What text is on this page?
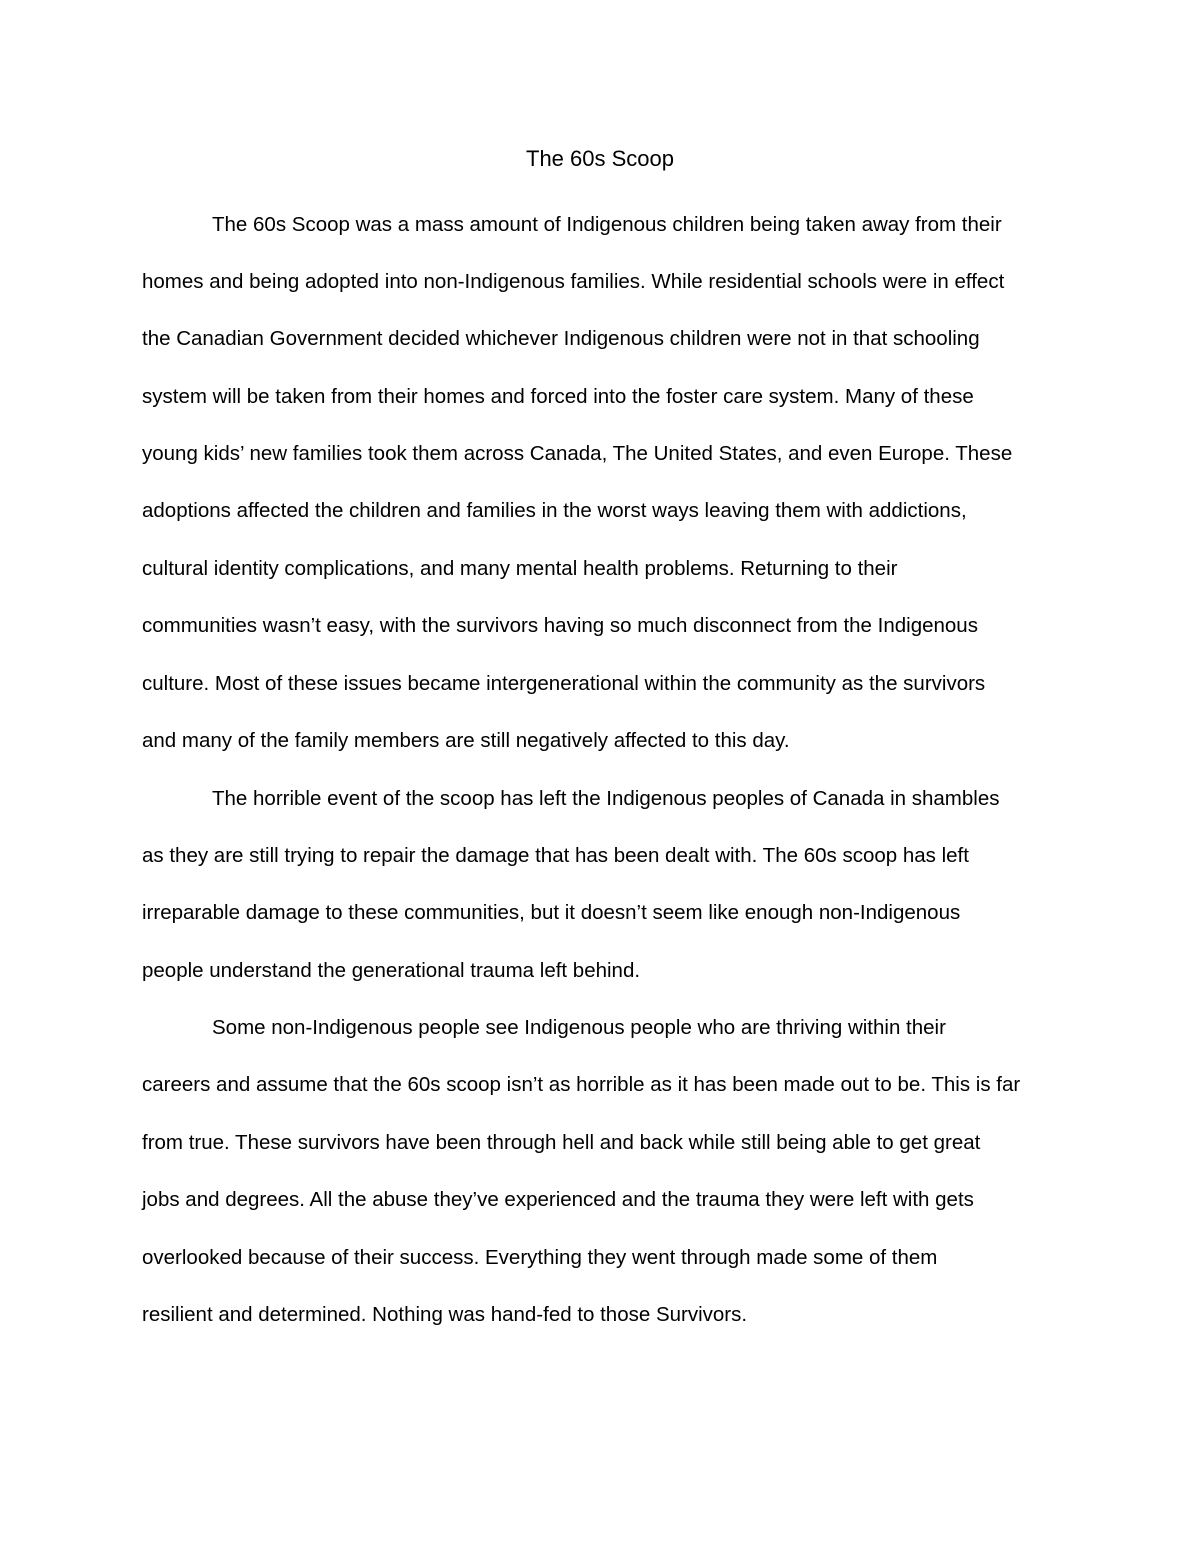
The 60s Scoop

The 60s Scoop was a mass amount of Indigenous children being taken away from their

homes and being adopted into non-Indigenous families. While residential schools were in effect

the Canadian Government decided whichever Indigenous children were not in that schooling

system will be taken from their homes and forced into the foster care system. Many of these

young kids’ new families took them across Canada, The United States, and even Europe. These

adoptions affected the children and families in the worst ways leaving them with addictions,

cultural identity complications, and many mental health problems. Returning to their

communities wasn’t easy, with the survivors having so much disconnect from the Indigenous

culture. Most of these issues became intergenerational within the community as the survivors

and many of the family members are still negatively affected to this day.

The horrible event of the scoop has left the Indigenous peoples of Canada in shambles

as they are still trying to repair the damage that has been dealt with. The 60s scoop has left

irreparable damage to these communities, but it doesn’t seem like enough non-Indigenous

people understand the generational trauma left behind.

Some non-Indigenous people see Indigenous people who are thriving within their

careers and assume that the 60s scoop isn’t as horrible as it has been made out to be. This is far

from true. These survivors have been through hell and back while still being able to get great

jobs and degrees. All the abuse they’ve experienced and the trauma they were left with gets

overlooked because of their success. Everything they went through made some of them

resilient and determined. Nothing was hand-fed to those Survivors.
